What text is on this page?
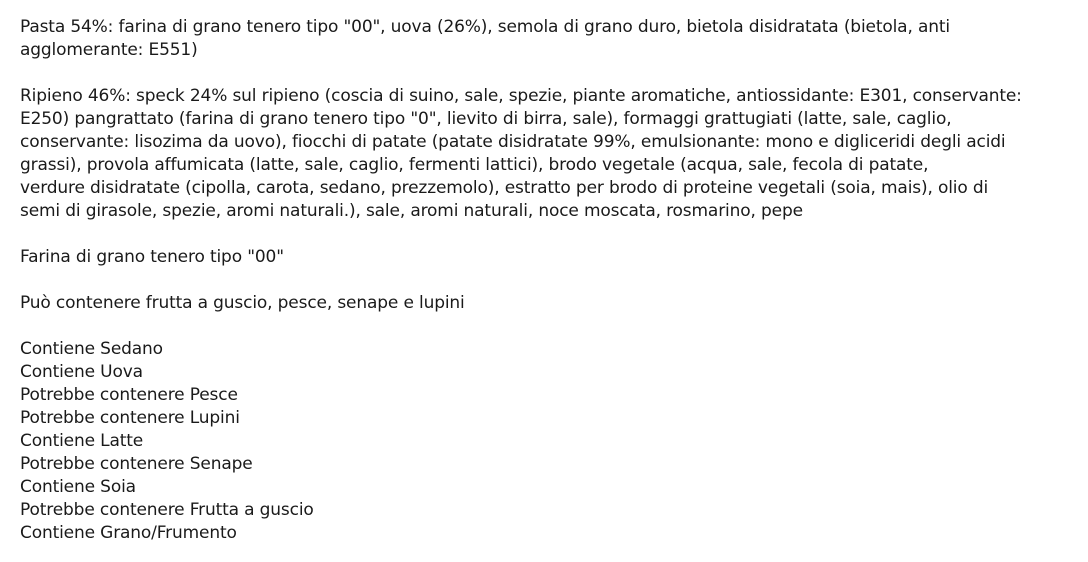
Pasta 54%: farina di grano tenero tipo "00", uova (26%), semola di grano duro, bietola disidratata (bietola, anti
agglomerante: E551)

Ripieno 46%: speck 24% sul ripieno (coscia di suino, sale, spezie, piante aromatiche, antiossidante: E301, conservante:
E250) pangrattato (farina di grano tenero tipo "0", lievito di birra, sale), formaggi grattugiati (latte, sale, caglio,
conservante: lisozima da uovo), fiocchi di patate (patate disidratate 99%, emulsionante: mono e digliceridi degli acidi
grassi), provola affumicata (latte, sale, caglio, fermenti lattici), brodo vegetale (acqua, sale, fecola di patate,
verdure disidratate (cipolla, carota, sedano, prezzemolo), estratto per brodo di proteine vegetali (soia, mais), olio di
semi di girasole, spezie, aromi naturali.), sale, aromi naturali, noce moscata, rosmarino, pepe

Farina di grano tenero tipo "00"

Può contenere frutta a guscio, pesce, senape e lupini

Contiene Sedano
Contiene Uova
Potrebbe contenere Pesce
Potrebbe contenere Lupini
Contiene Latte
Potrebbe contenere Senape
Contiene Soia
Potrebbe contenere Frutta a guscio
Contiene Grano/Frumento
